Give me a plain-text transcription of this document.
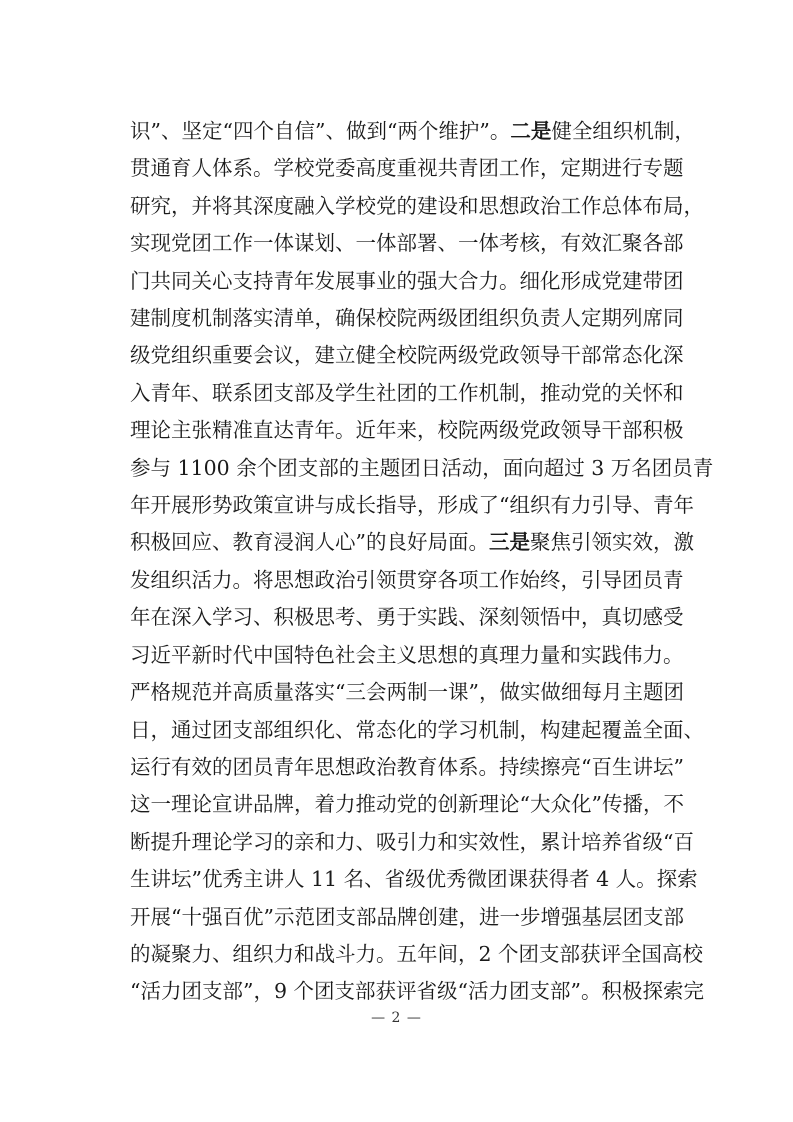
识”、坚定“四个自信”、做到“两个维护”。二是健全组织机制，
贯通育人体系。学校党委高度重视共青团工作，定期进行专题
研究，并将其深度融入学校党的建设和思想政治工作总体布局，
实现党团工作一体谋划、一体部署、一体考核，有效汇聚各部
门共同关心支持青年发展事业的强大合力。细化形成党建带团
建制度机制落实清单，确保校院两级团组织负责人定期列席同
级党组织重要会议，建立健全校院两级党政领导干部常态化深
入青年、联系团支部及学生社团的工作机制，推动党的关怀和
理论主张精准直达青年。近年来，校院两级党政领导干部积极
参与 1100 余个团支部的主题团日活动，面向超过 3 万名团员青
年开展形势政策宣讲与成长指导，形成了“组织有力引导、青年
积极回应、教育浸润人心”的良好局面。三是聚焦引领实效，激
发组织活力。将思想政治引领贯穿各项工作始终，引导团员青
年在深入学习、积极思考、勇于实践、深刻领悟中，真切感受
习近平新时代中国特色社会主义思想的真理力量和实践伟力。
严格规范并高质量落实“三会两制一课”，做实做细每月主题团
日，通过团支部组织化、常态化的学习机制，构建起覆盖全面、
运行有效的团员青年思想政治教育体系。持续擦亮“百生讲坛”
这一理论宣讲品牌，着力推动党的创新理论“大众化”传播，不
断提升理论学习的亲和力、吸引力和实效性，累计培养省级“百
生讲坛”优秀主讲人 11 名、省级优秀微团课获得者 4 人。探索
开展“十强百优”示范团支部品牌创建，进一步增强基层团支部
的凝聚力、组织力和战斗力。五年间，2 个团支部获评全国高校
“活力团支部”，9 个团支部获评省级“活力团支部”。积极探索完
— 2 —
